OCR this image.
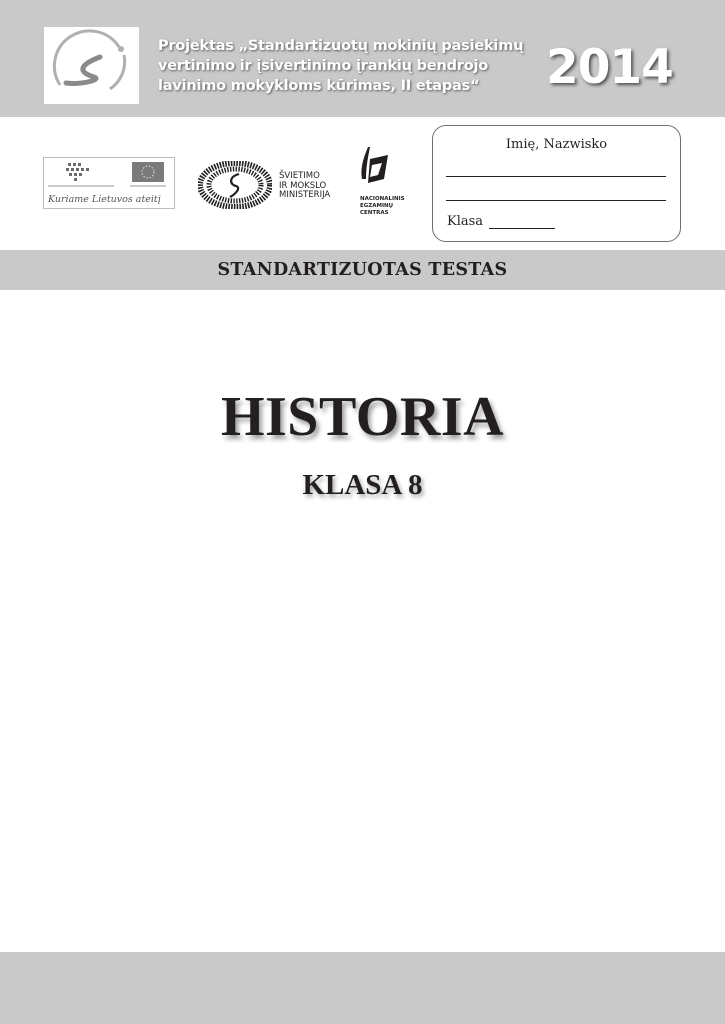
Projektas „Standartizuotų mokinių pasiekimų
vertinimo ir įsivertinimo įrankių bendrojo
lavinimo mokykloms kūrimas, II etapas“	2014
Kuriame Lietuvos ateitį
ŠVIETIMO
IR MOKSLO
MINISTERIJA	NACIONALINIS
EGZAMINŲ
CENTRAS
Imię, Nazwisko
Klasa
STANDARTIZUOTAS TESTAS
HISTORIA
KLASA 8
